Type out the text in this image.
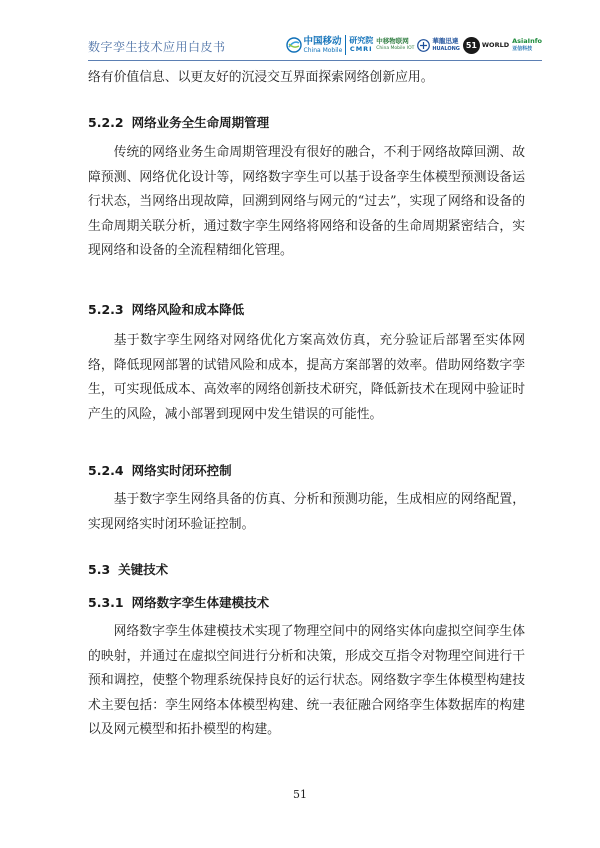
数字孪生技术应用白皮书	中国移动
China Mobile
研究院
CMRI
中移物联网
China Mobile IOT
華龍迅達
HUALONG 51 WORLD AsiaInfo
亚信科技

络有价值信息、以更友好的沉浸交互界面探索网络创新应用。

5.2.2 网络业务全生命周期管理

传统的网络业务生命周期管理没有很好的融合，不利于网络故障回溯、故障预测、网络优化设计等，网络数字孪生可以基于设备孪生体模型预测设备运行状态，当网络出现故障，回溯到网络与网元的“过去”，实现了网络和设备的生命周期关联分析，通过数字孪生网络将网络和设备的生命周期紧密结合，实现网络和设备的全流程精细化管理。

5.2.3 网络风险和成本降低

基于数字孪生网络对网络优化方案高效仿真，充分验证后部署至实体网络，降低现网部署的试错风险和成本，提高方案部署的效率。借助网络数字孪生，可实现低成本、高效率的网络创新技术研究，降低新技术在现网中验证时产生的风险，减小部署到现网中发生错误的可能性。

5.2.4 网络实时闭环控制

基于数字孪生网络具备的仿真、分析和预测功能，生成相应的网络配置，实现网络实时闭环验证控制。

5.3 关键技术
5.3.1 网络数字孪生体建模技术

网络数字孪生体建模技术实现了物理空间中的网络实体向虚拟空间孪生体的映射，并通过在虚拟空间进行分析和决策，形成交互指令对物理空间进行干预和调控，使整个物理系统保持良好的运行状态。网络数字孪生体模型构建技术主要包括：孪生网络本体模型构建、统一表征融合网络孪生体数据库的构建以及网元模型和拓扑模型的构建。

51
